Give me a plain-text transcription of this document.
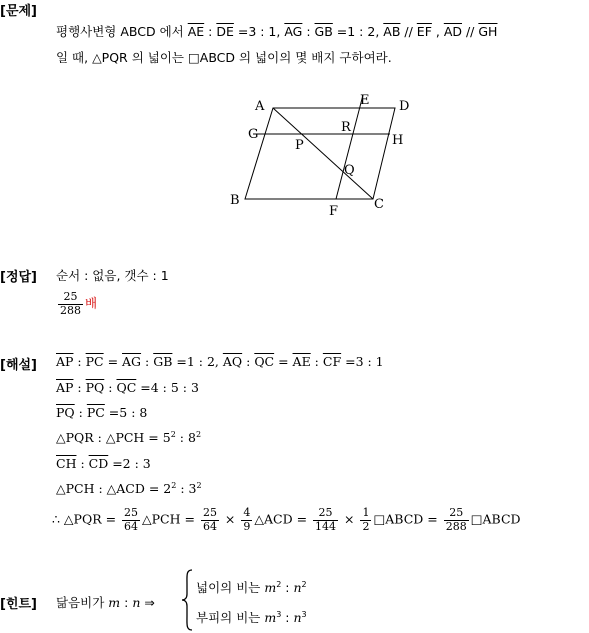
[문제]
평행사변형 ABCD 에서 $\overline{AE}$ : $\overline{DE} =3$ : 1, $\overline{AG}$ : $\overline{GB} =1$ : 2, $\overline{AB} // \overline{EF}$ , $\overline{AD} // \overline{GH}$
일 때, △PQR 의 넓이는 □ABCD 의 넓이의 몇 배지 구하여라.
A	E D
G	R
H
P
Q
B
F	C
[정답] 순서 : 없음, 갯수 : 1
$\frac{25}{288}$ 배
[해설] $\overline{AP}$ : $\overline{PC} = \overline{AG}$ : $\overline{GB} =1$ : 2, $\overline{AQ}$ : $\overline{QC} = \overline{AE}$ : $\overline{CF} =3$ : 1
$\overline{AP}$ : $\overline{PQ}$ : $\overline{QC} =4$ : 5 : 3
$\overline{PQ}$ : $\overline{PC} =5$ : 8
△PQR : △PCH = $5^2$ : $8^2$
$\overline{CH}$ : $\overline{CD} =2$ : 3
△PCH : △ACD = $2^2$ : $3^2$
∴ △PQR = $\frac{25}{64}$ △PCH = $\frac{25}{64} \times \frac{4}{9}$ △ACD = $\frac{25}{144} \times \frac{1}{2}$ □ABCD = $\frac{25}{288}$ □ABCD
[힌트] 닮음비가 m : n ⇒
넓이의 비는 $m^2$ : $n^2$
부피의 비는 $m^3$ : $n^3$
